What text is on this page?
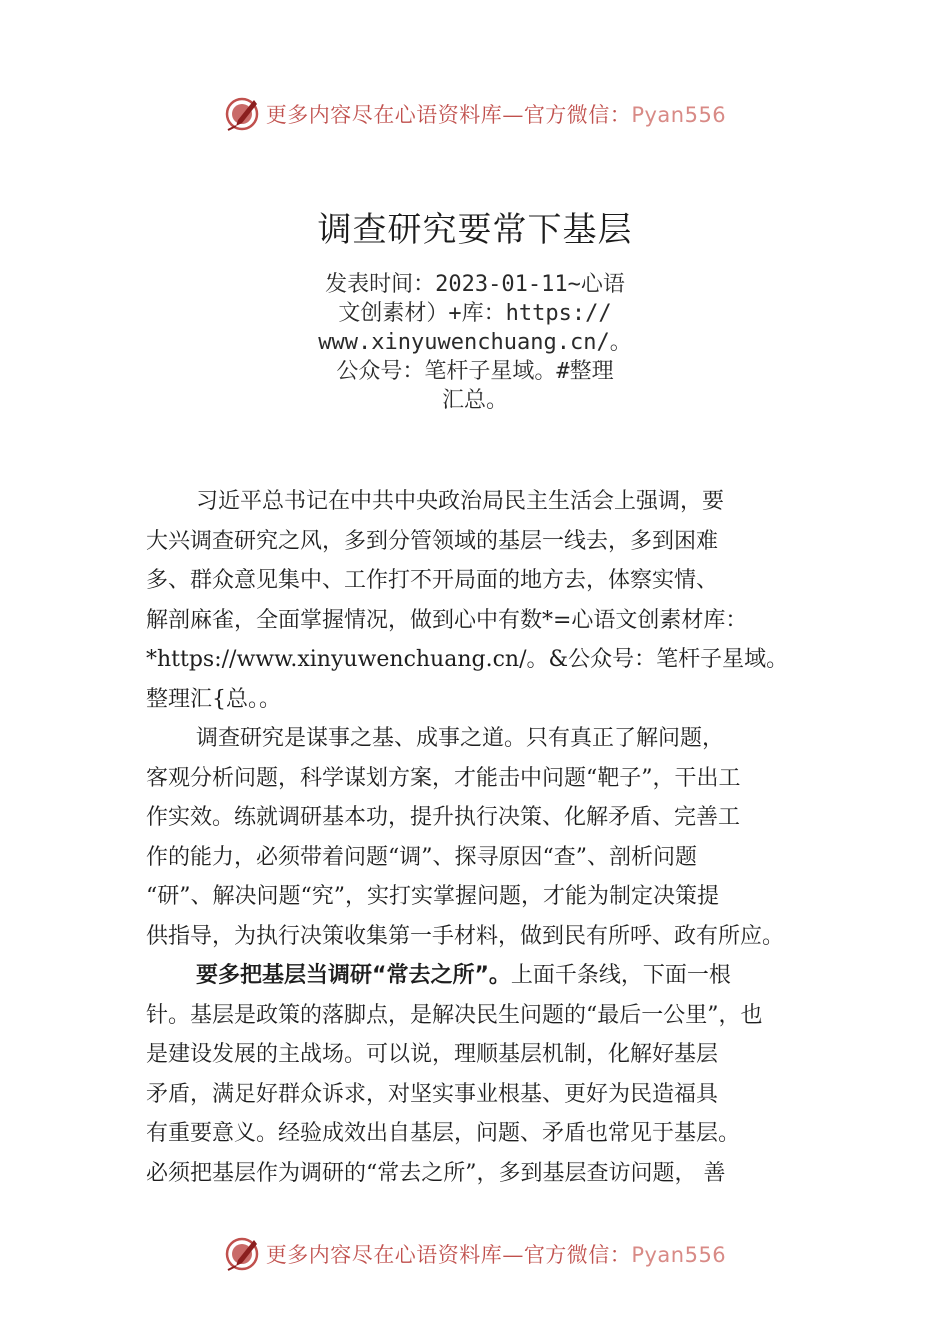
更多内容尽在心语资料库—官方微信：Pyan556
调查研究要常下基层
发表时间：2023-01-11~心语
文创素材）+库：https://
www.xinyuwenchuang.cn/。
公众号：笔杆子星域。#整理
汇总。
习近平总书记在中共中央政治局民主生活会上强调，要
大兴调查研究之风，多到分管领域的基层一线去，多到困难
多、群众意见集中、工作打不开局面的地方去，体察实情、
解剖麻雀，全面掌握情况，做到心中有数*=心语文创素材库：
*https://www.xinyuwenchuang.cn/。&公众号：笔杆子星域。
整理汇{总。。
调查研究是谋事之基、成事之道。只有真正了解问题，
客观分析问题，科学谋划方案，才能击中问题“靶子”，干出工
作实效。练就调研基本功，提升执行决策、化解矛盾、完善工
作的能力，必须带着问题“调”、探寻原因“查”、剖析问题
“研”、解决问题“究”，实打实掌握问题，才能为制定决策提
供指导，为执行决策收集第一手材料，做到民有所呼、政有所应。
要多把基层当调研“常去之所”。上面千条线，下面一根
针。基层是政策的落脚点，是解决民生问题的“最后一公里”，也
是建设发展的主战场。可以说，理顺基层机制，化解好基层
矛盾，满足好群众诉求，对坚实事业根基、更好为民造福具
有重要意义。经验成效出自基层，问题、矛盾也常见于基层。
必须把基层作为调研的“常去之所”，多到基层查访问题， 善
更多内容尽在心语资料库—官方微信：Pyan556
